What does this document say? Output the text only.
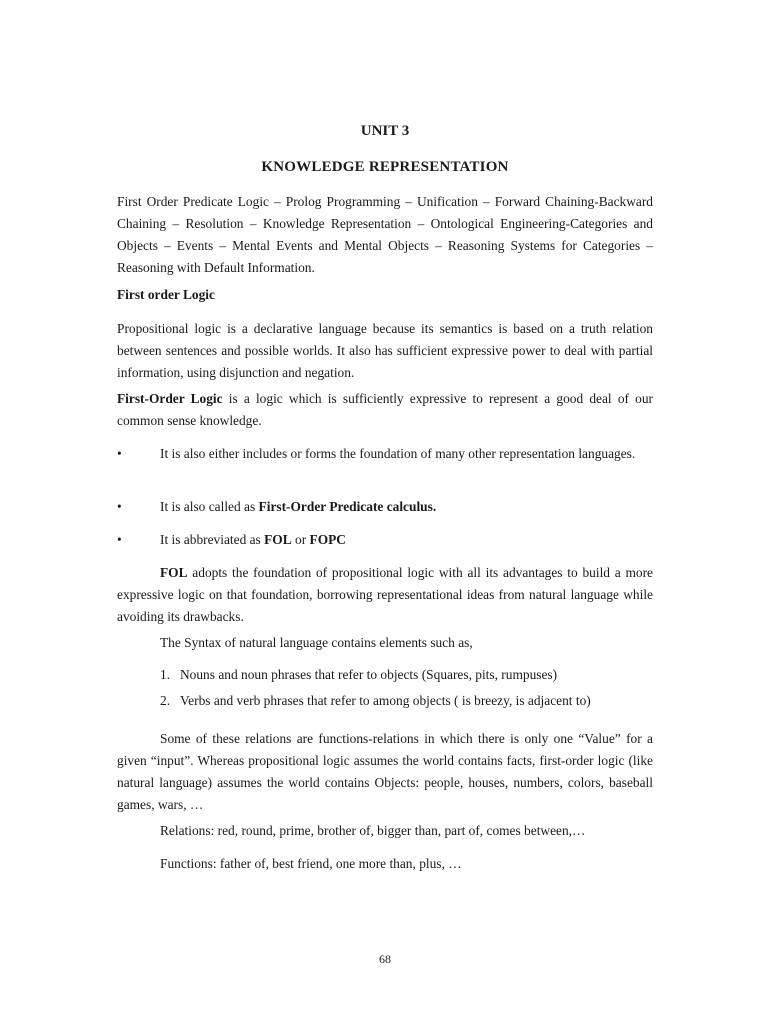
UNIT 3
KNOWLEDGE REPRESENTATION

First Order Predicate Logic – Prolog Programming – Unification – Forward Chaining-Backward Chaining – Resolution – Knowledge Representation – Ontological Engineering-Categories and Objects – Events – Mental Events and Mental Objects – Reasoning Systems for Categories – Reasoning with Default Information.

First order Logic

Propositional logic is a declarative language because its semantics is based on a truth relation between sentences and possible worlds. It also has sufficient expressive power to deal with partial information, using disjunction and negation.

First-Order Logic is a logic which is sufficiently expressive to represent a good deal of our common sense knowledge.

•	It is also either includes or forms the foundation of many other representation languages.
•	It is also called as First-Order Predicate calculus.
•	It is abbreviated as FOL or FOPC

FOL adopts the foundation of propositional logic with all its advantages to build a more expressive logic on that foundation, borrowing representational ideas from natural language while avoiding its drawbacks.

The Syntax of natural language contains elements such as,

1. Nouns and noun phrases that refer to objects (Squares, pits, rumpuses)
2. Verbs and verb phrases that refer to among objects ( is breezy, is adjacent to)

Some of these relations are functions-relations in which there is only one “Value” for a given “input”. Whereas propositional logic assumes the world contains facts, first-order logic (like natural language) assumes the world contains Objects: people, houses, numbers, colors, baseball games, wars, …

Relations: red, round, prime, brother of, bigger than, part of, comes between,…

Functions: father of, best friend, one more than, plus, …

68
